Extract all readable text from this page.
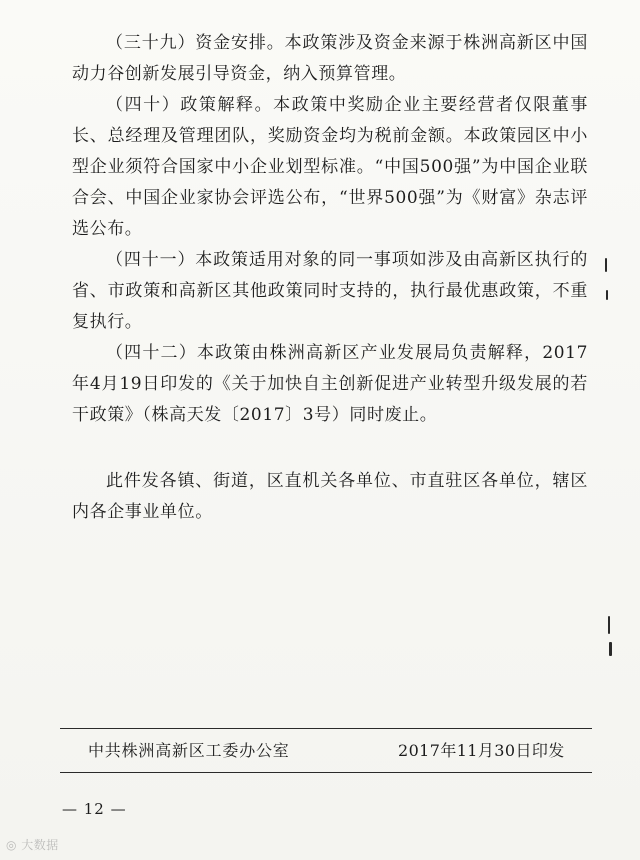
（三十九）资金安排。本政策涉及资金来源于株洲高新区中国动力谷创新发展引导资金，纳入预算管理。

（四十）政策解释。本政策中奖励企业主要经营者仅限董事长、总经理及管理团队，奖励资金均为税前金额。本政策园区中小型企业须符合国家中小企业划型标准。“中国500强”为中国企业联合会、中国企业家协会评选公布，“世界500强”为《财富》杂志评选公布。

（四十一）本政策适用对象的同一事项如涉及由高新区执行的省、市政策和高新区其他政策同时支持的，执行最优惠政策，不重复执行。

（四十二）本政策由株洲高新区产业发展局负责解释，2017年4月19日印发的《关于加快自主创新促进产业转型升级发展的若干政策》（株高天发〔2017〕3号）同时废止。

此件发各镇、街道，区直机关各单位、市直驻区各单位，辖区内各企事业单位。

中共株洲高新区工委办公室	2017年11月30日印发
— 12 —
◎ 大数据
